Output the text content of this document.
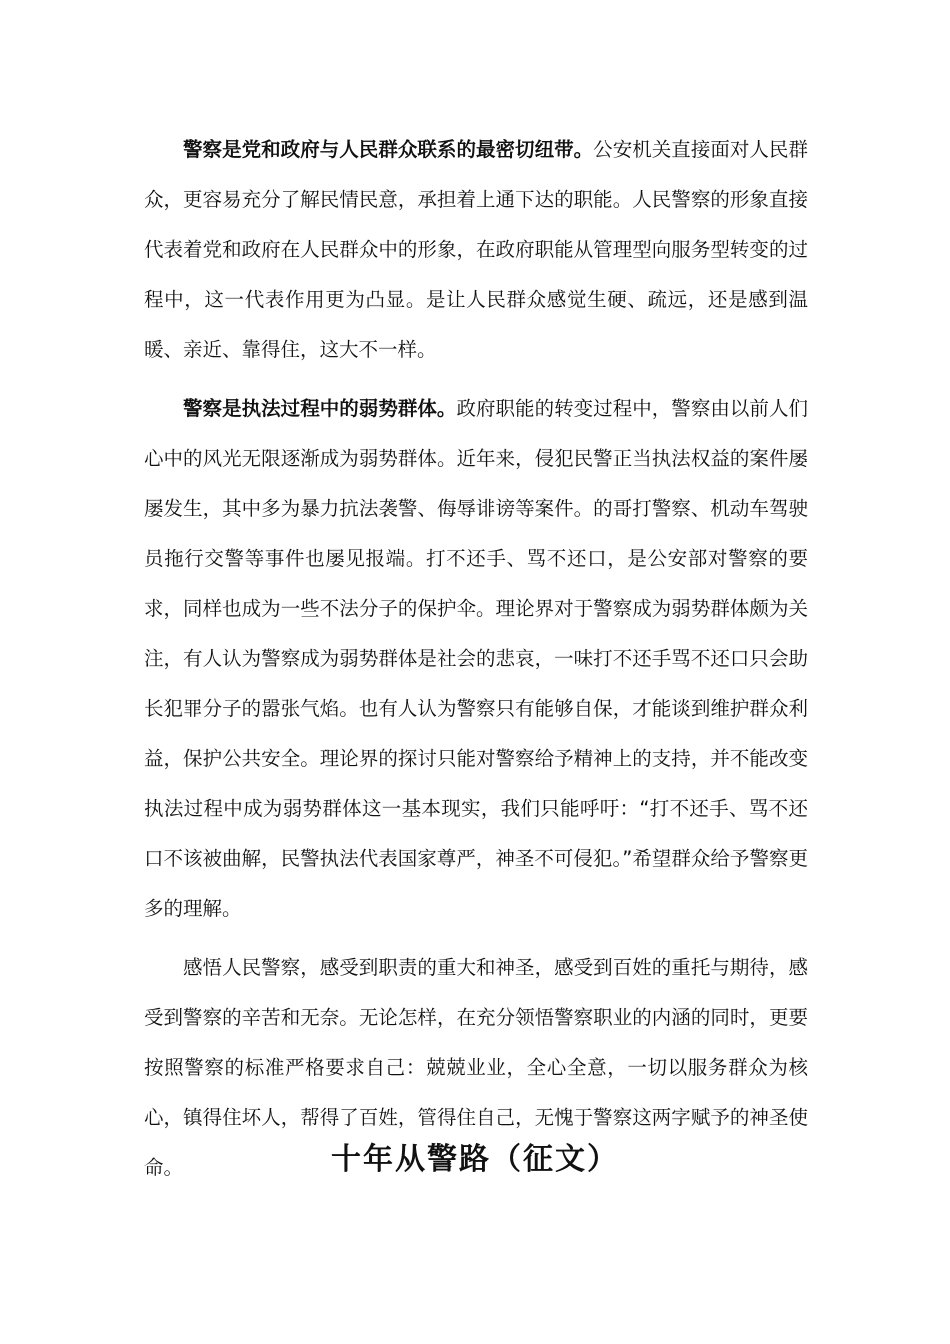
警察是党和政府与人民群众联系的最密切纽带。公安机关直接面对人民群众，更容易充分了解民情民意，承担着上通下达的职能。人民警察的形象直接代表着党和政府在人民群众中的形象，在政府职能从管理型向服务型转变的过程中，这一代表作用更为凸显。是让人民群众感觉生硬、疏远，还是感到温暖、亲近、靠得住，这大不一样。

警察是执法过程中的弱势群体。政府职能的转变过程中，警察由以前人们心中的风光无限逐渐成为弱势群体。近年来，侵犯民警正当执法权益的案件屡屡发生，其中多为暴力抗法袭警、侮辱诽谤等案件。的哥打警察、机动车驾驶员拖行交警等事件也屡见报端。打不还手、骂不还口，是公安部对警察的要求，同样也成为一些不法分子的保护伞。理论界对于警察成为弱势群体颇为关注，有人认为警察成为弱势群体是社会的悲哀，一味打不还手骂不还口只会助长犯罪分子的嚣张气焰。也有人认为警察只有能够自保，才能谈到维护群众利益，保护公共安全。理论界的探讨只能对警察给予精神上的支持，并不能改变执法过程中成为弱势群体这一基本现实，我们只能呼吁：“打不还手、骂不还口不该被曲解，民警执法代表国家尊严，神圣不可侵犯。”希望群众给予警察更多的理解。

感悟人民警察，感受到职责的重大和神圣，感受到百姓的重托与期待，感受到警察的辛苦和无奈。无论怎样，在充分领悟警察职业的内涵的同时，更要按照警察的标准严格要求自己：兢兢业业，全心全意，一切以服务群众为核心，镇得住坏人，帮得了百姓，管得住自己，无愧于警察这两字赋予的神圣使命。	十年从警路（征文）
